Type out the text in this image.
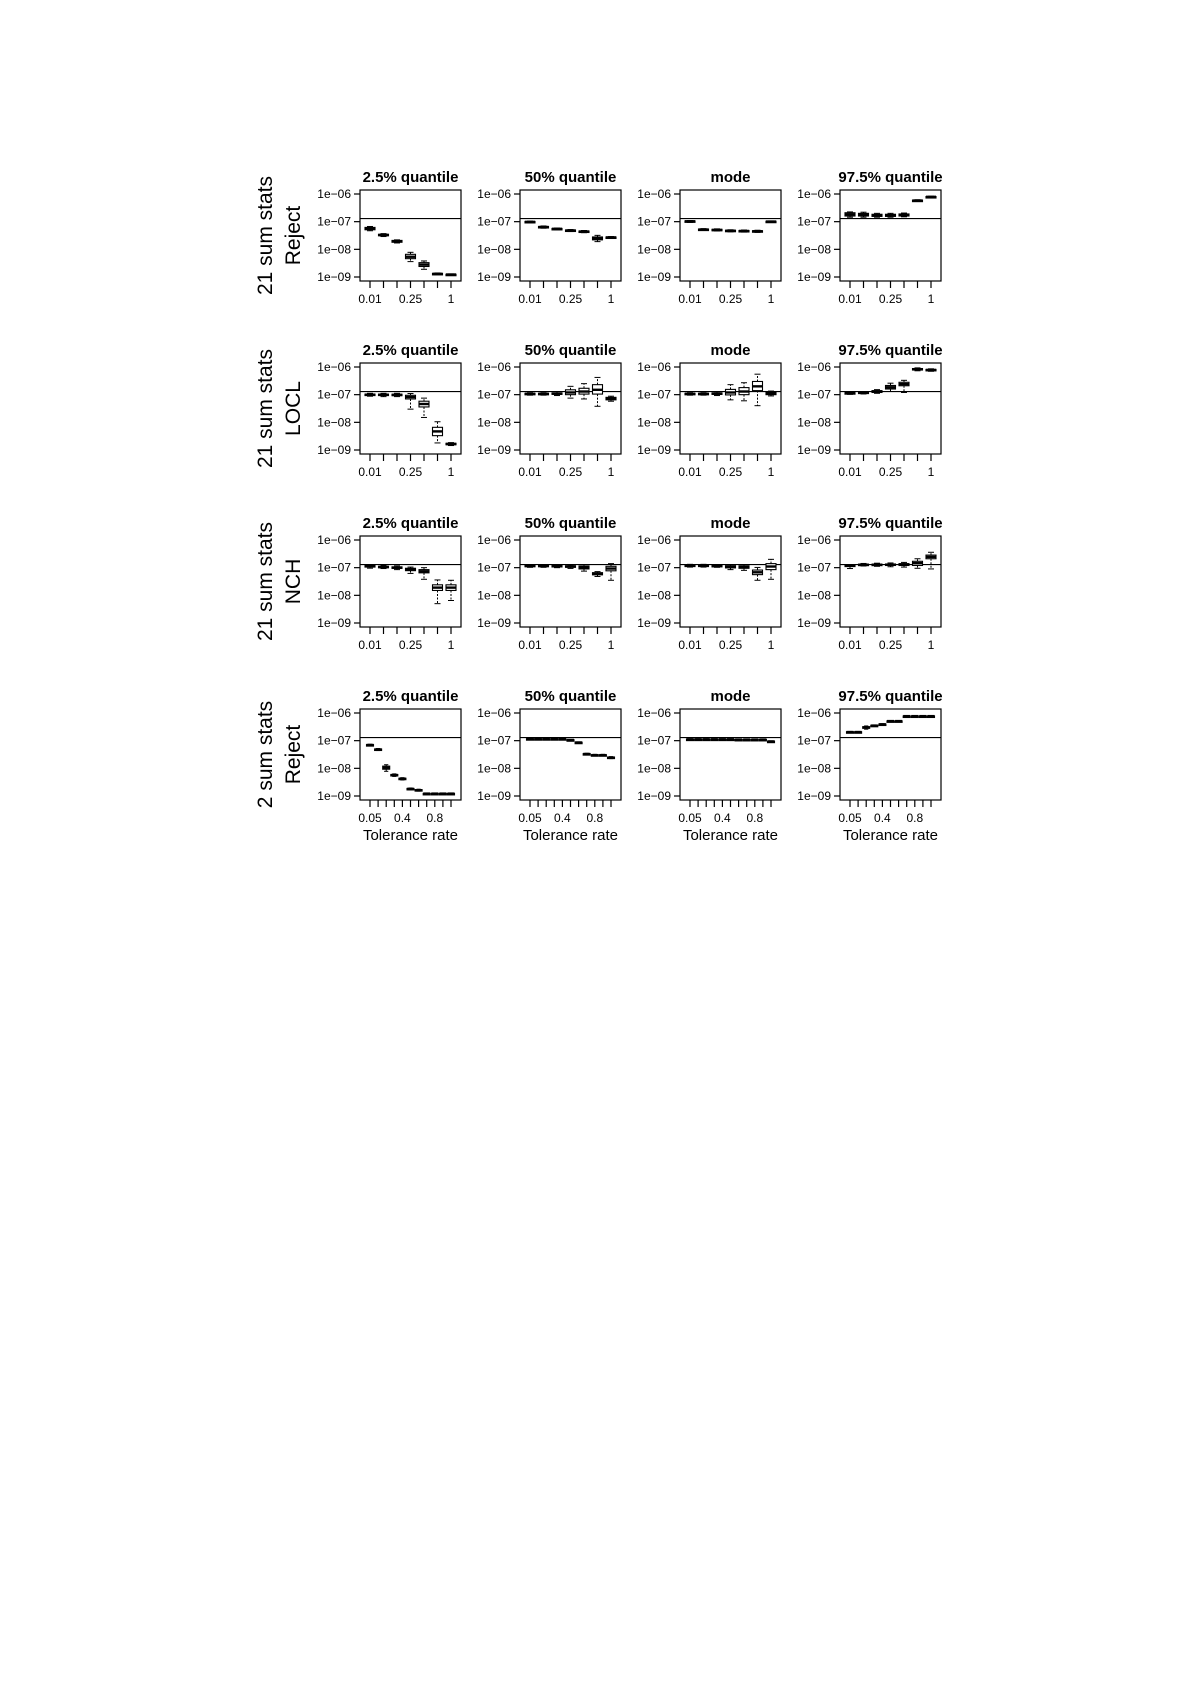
21 sum stats Reject
2.5% quantile
1e−06
1e−07
1e−08
1e−09
0.01 0.25 1
50% quantile
1e−06
1e−07
1e−08
1e−09
0.01 0.25 1
mode
1e−06
1e−07
1e−08
1e−09
0.01 0.25 1
97.5% quantile
1e−06
1e−07
1e−08
1e−09
0.01 0.25 1
21 sum stats LOCL
2.5% quantile
1e−06
1e−07
1e−08
1e−09
0.01 0.25 1
50% quantile
1e−06
1e−07
1e−08
1e−09
0.01 0.25 1
mode
1e−06
1e−07
1e−08
1e−09
0.01 0.25 1
97.5% quantile
1e−06
1e−07
1e−08
1e−09
0.01 0.25 1
21 sum stats NCH
2.5% quantile
1e−06
1e−07
1e−08
1e−09
0.01 0.25 1
50% quantile
1e−06
1e−07
1e−08
1e−09
0.01 0.25 1
mode
1e−06
1e−07
1e−08
1e−09
0.01 0.25 1
97.5% quantile
1e−06
1e−07
1e−08
1e−09
0.01 0.25 1
2 sum stats Reject
2.5% quantile
1e−06
1e−07
1e−08
1e−09
0.05 0.4 0.8
Tolerance rate
50% quantile
1e−06
1e−07
1e−08
1e−09
0.05 0.4 0.8
Tolerance rate
mode
1e−06
1e−07
1e−08
1e−09
0.05 0.4 0.8
Tolerance rate
97.5% quantile
1e−06
1e−07
1e−08
1e−09
0.05 0.4 0.8
Tolerance rate
